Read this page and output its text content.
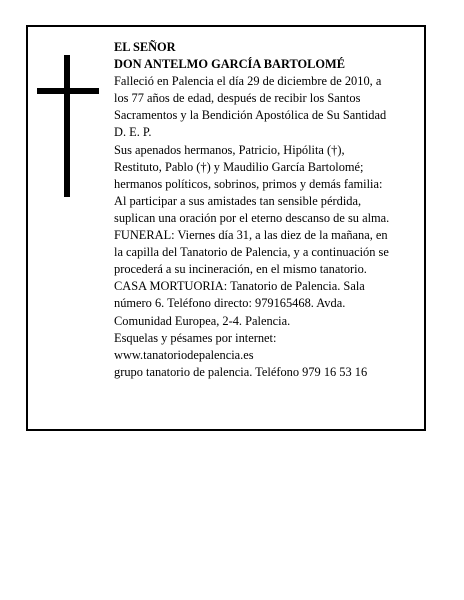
EL SEÑOR
DON ANTELMO GARCÍA BARTOLOMÉ
Falleció en Palencia el día 29 de diciembre de 2010, a
los 77 años de edad, después de recibir los Santos
Sacramentos y la Bendición Apostólica de Su Santidad
D. E. P.
Sus apenados hermanos, Patricio, Hipólita (†),
Restituto, Pablo (†) y Maudilio García Bartolomé;
hermanos políticos, sobrinos, primos y demás familia:
Al participar a sus amistades tan sensible pérdida,
suplican una oración por el eterno descanso de su alma.
FUNERAL: Viernes día 31, a las diez de la mañana, en
la capilla del Tanatorio de Palencia, y a continuación se
procederá a su incineración, en el mismo tanatorio.
CASA MORTUORIA: Tanatorio de Palencia. Sala
número 6. Teléfono directo: 979165468. Avda.
Comunidad Europea, 2-4. Palencia.
Esquelas y pésames por internet:
www.tanatoriodepalencia.es
grupo tanatorio de palencia. Teléfono 979 16 53 16
